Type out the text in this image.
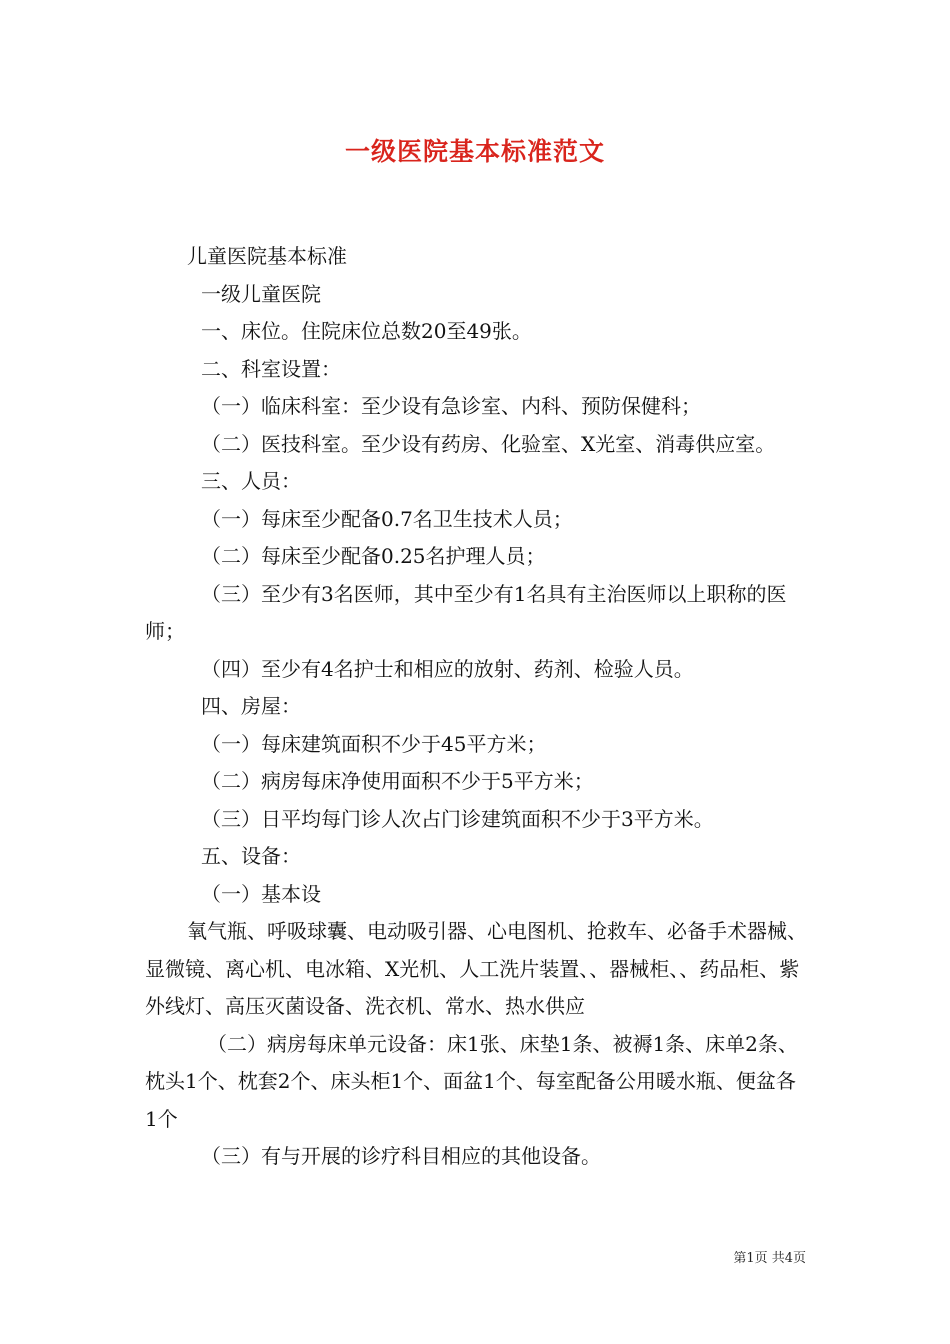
一级医院基本标准范文

儿童医院基本标准

一级儿童医院

一、床位。住院床位总数20至49张。

二、科室设置：

（一）临床科室：至少设有急诊室、内科、预防保健科；

（二）医技科室。至少设有药房、化验室、X光室、消毒供应室。

三、人员：

（一）每床至少配备0.7名卫生技术人员；

（二）每床至少配备0.25名护理人员；

（三）至少有3名医师，其中至少有1名具有主治医师以上职称的医师；

（四）至少有4名护士和相应的放射、药剂、检验人员。

四、房屋：

（一）每床建筑面积不少于45平方米；

（二）病房每床净使用面积不少于5平方米；

（三）日平均每门诊人次占门诊建筑面积不少于3平方米。

五、设备：

（一）基本设

氧气瓶、呼吸球囊、电动吸引器、心电图机、抢救车、必备手术器械、显微镜、离心机、电冰箱、X光机、人工洗片装置、、器械柜、、药品柜、紫外线灯、高压灭菌设备、洗衣机、常水、热水供应

（二）病房每床单元设备：床1张、床垫1条、被褥1条、床单2条、枕头1个、枕套2个、床头柜1个、面盆1个、每室配备公用暖水瓶、便盆各1个

（三）有与开展的诊疗科目相应的其他设备。

第1页 共4页
